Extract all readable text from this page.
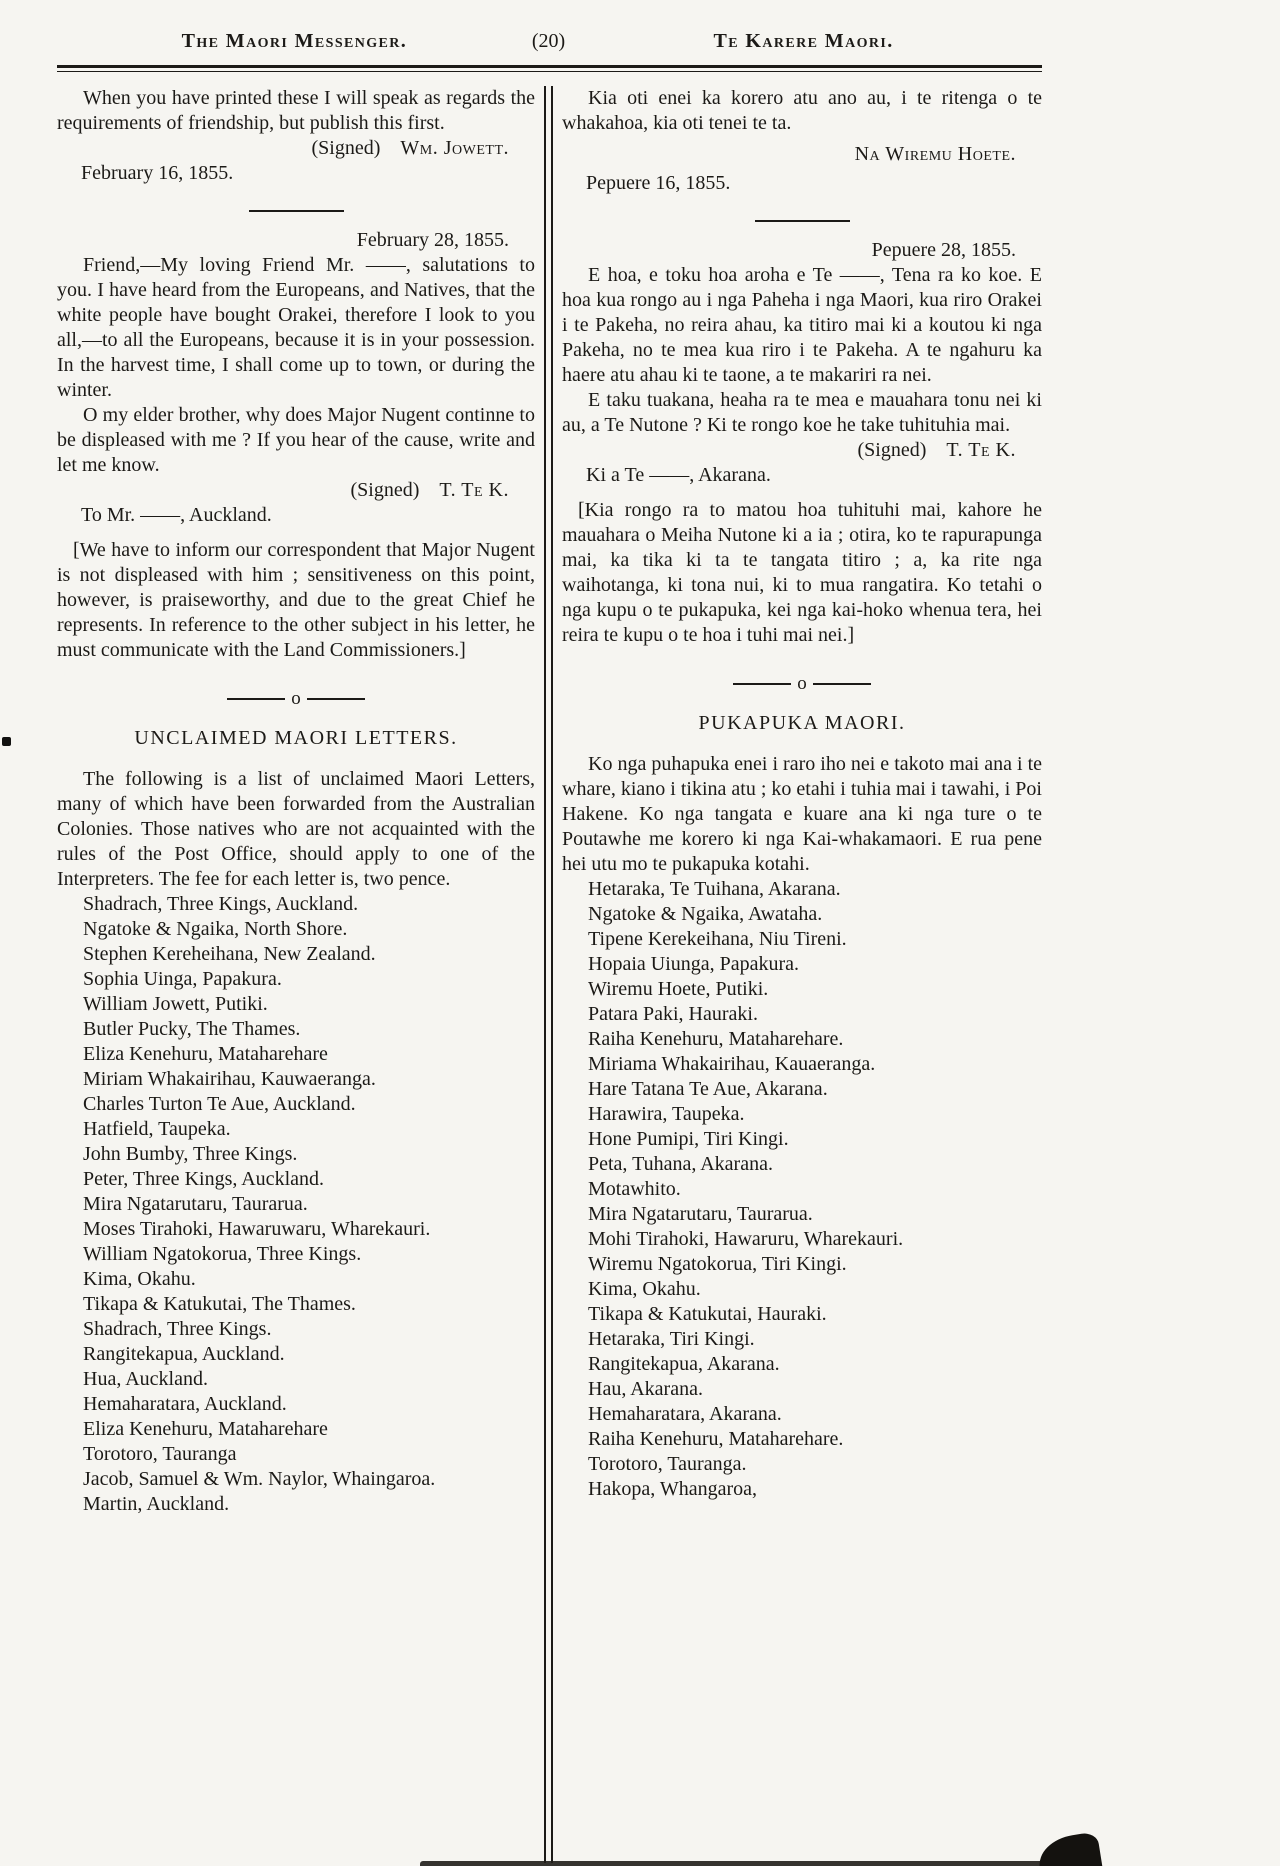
The Maori Messenger.	(20)	Te Karere Maori.

When you have printed these I will speak as regards the requirements of friendship, but publish this first.

(Signed) Wm. Jowett.
February 16, 1855.
February 28, 1855.

Friend,—My loving Friend Mr. ——, salutations to you. I have heard from the Europeans, and Natives, that the white people have bought Orakei, therefore I look to you all,—to all the Europeans, because it is in your possession. In the harvest time, I shall come up to town, or during the winter.

O my elder brother, why does Major Nugent continne to be displeased with me ? If you hear of the cause, write and let me know.

(Signed) T. Te K.
To Mr. ——, Auckland.

[We have to inform our correspondent that Major Nugent is not displeased with him ; sensitiveness on this point, however, is praiseworthy, and due to the great Chief he represents. In reference to the other subject in his letter, he must communicate with the Land Commissioners.]

o
UNCLAIMED MAORI LETTERS.

The following is a list of unclaimed Maori Letters, many of which have been forwarded from the Australian Colonies. Those natives who are not acquainted with the rules of the Post Office, should apply to one of the Interpreters. The fee for each letter is, two pence.

Shadrach, Three Kings, Auckland.
Ngatoke & Ngaika, North Shore.
Stephen Kereheihana, New Zealand.
Sophia Uinga, Papakura.
William Jowett, Putiki.
Butler Pucky, The Thames.
Eliza Kenehuru, Mataharehare
Miriam Whakairihau, Kauwaeranga.
Charles Turton Te Aue, Auckland.
Hatfield, Taupeka.
John Bumby, Three Kings.
Peter, Three Kings, Auckland.
Mira Ngatarutaru, Taurarua.
Moses Tirahoki, Hawaruwaru, Wharekauri.
William Ngatokorua, Three Kings.
Kima, Okahu.
Tikapa & Katukutai, The Thames.
Shadrach, Three Kings.
Rangitekapua, Auckland.
Hua, Auckland.
Hemaharatara, Auckland.
Eliza Kenehuru, Mataharehare
Torotoro, Tauranga
Jacob, Samuel & Wm. Naylor, Whaingaroa.
Martin, Auckland.

Kia oti enei ka korero atu ano au, i te ritenga o te whakahoa, kia oti tenei te ta.

Na Wiremu Hoete.
Pepuere 16, 1855.
Pepuere 28, 1855.

E hoa, e toku hoa aroha e Te ——, Tena ra ko koe. E hoa kua rongo au i nga Paheha i nga Maori, kua riro Orakei i te Pakeha, no reira ahau, ka titiro mai ki a koutou ki nga Pakeha, no te mea kua riro i te Pakeha. A te ngahuru ka haere atu ahau ki te taone, a te makariri ra nei.

E taku tuakana, heaha ra te mea e mauahara tonu nei ki au, a Te Nutone ? Ki te rongo koe he take tuhituhia mai.

(Signed) T. Te K.
Ki a Te ——, Akarana.

[Kia rongo ra to matou hoa tuhituhi mai, kahore he mauahara o Meiha Nutone ki a ia ; otira, ko te rapurapunga mai, ka tika ki ta te tangata titiro ; a, ka rite nga waihotanga, ki tona nui, ki to mua rangatira. Ko tetahi o nga kupu o te pukapuka, kei nga kai-hoko whenua tera, hei reira te kupu o te hoa i tuhi mai nei.]

o
PUKAPUKA MAORI.

Ko nga puhapuka enei i raro iho nei e takoto mai ana i te whare, kiano i tikina atu ; ko etahi i tuhia mai i tawahi, i Poi Hakene. Ko nga tangata e kuare ana ki nga ture o te Poutawhe me korero ki nga Kai-whakamaori. E rua pene hei utu mo te pukapuka kotahi.

Hetaraka, Te Tuihana, Akarana.
Ngatoke & Ngaika, Awataha.
Tipene Kerekeihana, Niu Tireni.
Hopaia Uiunga, Papakura.
Wiremu Hoete, Putiki.
Patara Paki, Hauraki.
Raiha Kenehuru, Mataharehare.
Miriama Whakairihau, Kauaeranga.
Hare Tatana Te Aue, Akarana.
Harawira, Taupeka.
Hone Pumipi, Tiri Kingi.
Peta, Tuhana, Akarana.
Motawhito.
Mira Ngatarutaru, Taurarua.
Mohi Tirahoki, Hawaruru, Wharekauri.
Wiremu Ngatokorua, Tiri Kingi.
Kima, Okahu.
Tikapa & Katukutai, Hauraki.
Hetaraka, Tiri Kingi.
Rangitekapua, Akarana.
Hau, Akarana.
Hemaharatara, Akarana.
Raiha Kenehuru, Mataharehare.
Torotoro, Tauranga.
Hakopa, Whangaroa,
